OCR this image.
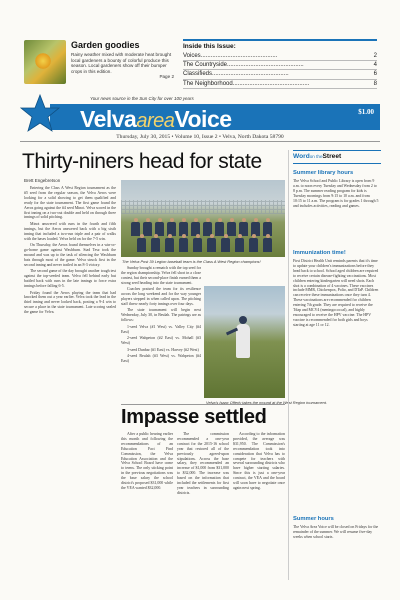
Garden goodies
Rainy weather mixed with moderate heat brought local gardeners a bounty of colorful produce this season. Local gardeners show off their bumper crops in this edition.
Page 2
Inside this Issue:
Voices..............................................	2
The Countryside..............................................	4
Classifieds..............................................	6
The Neighborhood..............................................	8
Your news source in the Sun City for over 100 years
VelvaareaVoice	$1.00
Thursday, July 30, 2015 • Volume 10, Issue 2 • Velva, North Dakota 58790
Thirty-niners head for state
Brett Engebretson

Entering the Class A West Region tournament as the #5 seed from the regular season, the Velva Aeros were looking for a solid showing to get them qualified and ready for the state tournament. The first game found the Aeros going against the #4 seed Minot. Velva scored in the first inning on a two-out double and held on through three innings of solid pitching.

Minot answered with runs in the fourth and fifth innings, but the Aeros answered back with a big sixth inning that included a two-run triple and a pair of walks with the bases loaded. Velva held on for the 7-5 win.

On Thursday, the Aeros found themselves in a win-or-go-home game against Washburn. Stad Tesz took the mound and was up to the task of silencing the Washburn bats through most of the game. Velva struck first in the second inning and never trailed in an 8-3 victory.

The second game of the day brought another tough test against the top-seeded team. Velva fell behind early but battled back with runs in the late innings to force extra innings before falling 6-5.

Friday found the Aeros playing the team that had knocked them out a year earlier. Velva took the lead in the third inning and never looked back, posting a 9-4 win to secure a place in the state tournament. Late scoring sealed the game for Velva.

The Velva Post 39 Legion baseball team is the Class A West Region champions!

Sunday brought a rematch with the top seed for the region championship. Velva fell short in a close contest, but their second-place finish earned them a strong seed heading into the state tournament.

Coaches praised the team for its resilience across the long weekend and for the way younger players stepped in when called upon. The pitching staff threw nearly forty innings over four days.

The state tournament will begin next Wednesday, July 30, in Beulah. The pairings are as follows:

1-seed Velva (#1 West) vs. Valley City (#4 East)

2-seed Wahpeton (#2 East) vs. Mohall (#3 West)

3-seed Dunbar (#1 East) vs. Harvey (#2 West)

4-seed Beulah (#3 West) vs. Wahpeton (#4 East)

Velva's Isaac Offerly takes the mound at the West Region tournament.
Impasse settled

After a public hearing earlier this month and following the recommendations of an Education Fact Find Commission, the Velva Education Association and the Velva School Board have come to terms. The only sticking point in the previous negotiations was the base salary the school district's proposed $31,000 while the VEA wanted $32,000.

The commission recommended a one-year contract for the 2015-16 school year that restored all of the previously agreed-upon stipulations. Across the base salary, they recommended an increase of $1,000 from $31,000 to $32,000. The increase was based on the information that included the settlements for first year teachers in surrounding districts.

According to the information provided, the average was $31,950. The Commission's recommendation took into consideration that Velva has to compete for teachers with several surrounding districts who have higher starting salaries. Since this is just a one-year contract, the VEA and the board will soon have to negotiate once again next spring.

Wordon theStreet
Summer library hours
The Velva School and Public Library is open from 9 a.m. to noon every Tuesday and Wednesday from 2 to 8 p.m. The summer reading program for kids is Tuesday mornings from 9:15 to 10 a.m. and from 10:15 to 11 a.m. The program is for grades 1 through 5 and includes activities, reading and games.
Immunization time!
First District Health Unit reminds parents that it's time to update your children's immunizations before they head back to school. School aged children are required to receive certain disease-fighting vaccinations. Most children entering kindergarten will need shots. Each shot is a combination of 4 vaccines. These vaccines include MMR, Chickenpox, Polio, and DTaP. Children can receive these immunizations once they turn 4. These vaccinations are recommended for children entering 7th grade. They are required to receive the Tdap and MCV4 (meningococcal), and highly encouraged to receive the HPV vaccine. The HPV vaccine is recommended for both girls and boys starting at age 11 or 12.
Summer hours
The Velva Area Voice will be closed on Fridays for the remainder of the summer. We will resume five-day weeks when school starts.
